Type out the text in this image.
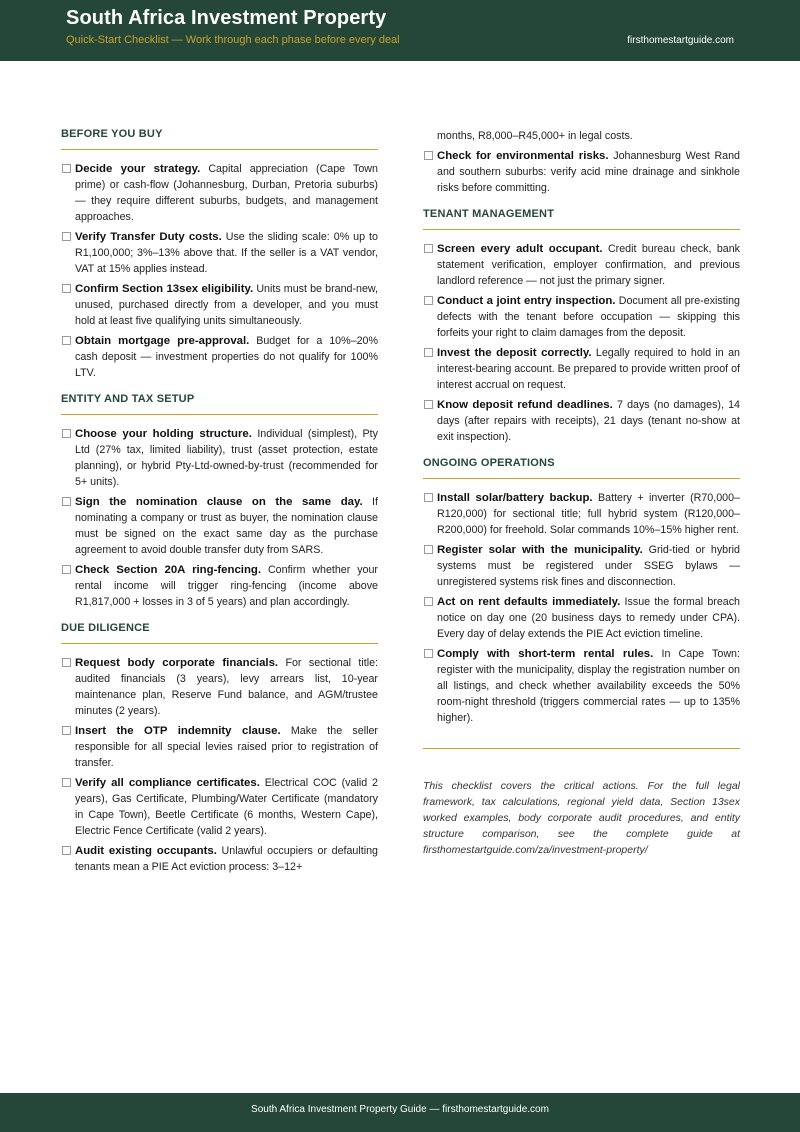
South Africa Investment Property
Quick-Start Checklist — Work through each phase before every deal	firsthomestartguide.com
BEFORE YOU BUY

Decide your strategy. Capital appreciation (Cape Town prime) or cash-flow (Johannesburg, Durban, Pretoria suburbs) — they require different suburbs, budgets, and management approaches.

Verify Transfer Duty costs. Use the sliding scale: 0% up to R1,100,000; 3%–13% above that. If the seller is a VAT vendor, VAT at 15% applies instead.

Confirm Section 13sex eligibility. Units must be brand-new, unused, purchased directly from a developer, and you must hold at least five qualifying units simultaneously.

Obtain mortgage pre-approval. Budget for a 10%–20% cash deposit — investment properties do not qualify for 100% LTV.

ENTITY AND TAX SETUP

Choose your holding structure. Individual (simplest), Pty Ltd (27% tax, limited liability), trust (asset protection, estate planning), or hybrid Pty-Ltd-owned-by-trust (recommended for 5+ units).

Sign the nomination clause on the same day. If nominating a company or trust as buyer, the nomination clause must be signed on the exact same day as the purchase agreement to avoid double transfer duty from SARS.

Check Section 20A ring-fencing. Confirm whether your rental income will trigger ring-fencing (income above R1,817,000 + losses in 3 of 5 years) and plan accordingly.

DUE DILIGENCE

Request body corporate financials. For sectional title: audited financials (3 years), levy arrears list, 10-year maintenance plan, Reserve Fund balance, and AGM/trustee minutes (2 years).

Insert the OTP indemnity clause. Make the seller responsible for all special levies raised prior to registration of transfer.

Verify all compliance certificates. Electrical COC (valid 2 years), Gas Certificate, Plumbing/Water Certificate (mandatory in Cape Town), Beetle Certificate (6 months, Western Cape), Electric Fence Certificate (valid 2 years).

Audit existing occupants. Unlawful occupiers or defaulting tenants mean a PIE Act eviction process: 3–12+

months, R8,000–R45,000+ in legal costs.

Check for environmental risks. Johannesburg West Rand and southern suburbs: verify acid mine drainage and sinkhole risks before committing.

TENANT MANAGEMENT

Screen every adult occupant. Credit bureau check, bank statement verification, employer confirmation, and previous landlord reference — not just the primary signer.

Conduct a joint entry inspection. Document all pre-existing defects with the tenant before occupation — skipping this forfeits your right to claim damages from the deposit.

Invest the deposit correctly. Legally required to hold in an interest-bearing account. Be prepared to provide written proof of interest accrual on request.

Know deposit refund deadlines. 7 days (no damages), 14 days (after repairs with receipts), 21 days (tenant no-show at exit inspection).

ONGOING OPERATIONS

Install solar/battery backup. Battery + inverter (R70,000–R120,000) for sectional title; full hybrid system (R120,000–R200,000) for freehold. Solar commands 10%–15% higher rent.

Register solar with the municipality. Grid-tied or hybrid systems must be registered under SSEG bylaws — unregistered systems risk fines and disconnection.

Act on rent defaults immediately. Issue the formal breach notice on day one (20 business days to remedy under CPA). Every day of delay extends the PIE Act eviction timeline.

Comply with short-term rental rules. In Cape Town: register with the municipality, display the registration number on all listings, and check whether availability exceeds the 50% room-night threshold (triggers commercial rates — up to 135% higher).

This checklist covers the critical actions. For the full legal framework, tax calculations, regional yield data, Section 13sex worked examples, body corporate audit procedures, and entity structure comparison, see the complete guide at firsthomestartguide.com/za/investment-property/

South Africa Investment Property Guide — firsthomestartguide.com
